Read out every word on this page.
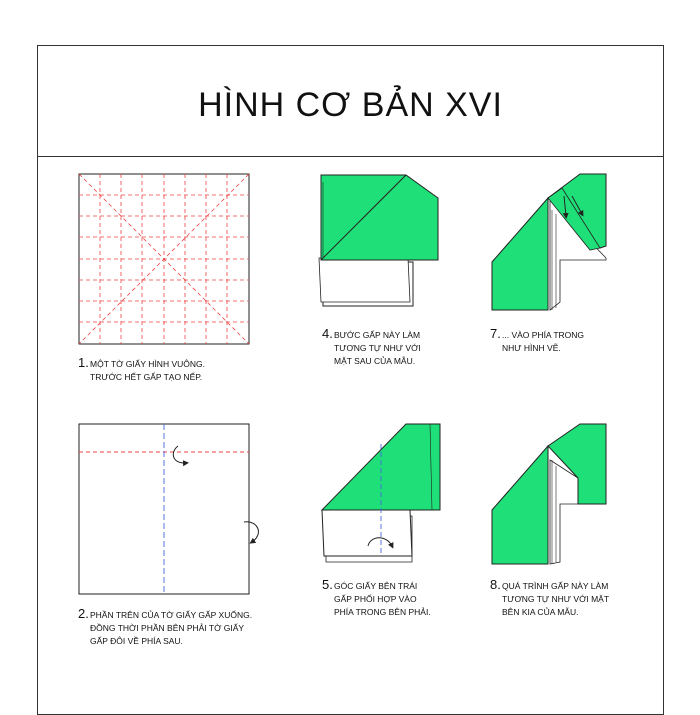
HÌNH CƠ BẢN XVI
1. MỘT TỜ GIẤY HÌNH VUÔNG.
TRƯỚC HẾT GẤP TẠO NẾP.
2. PHẦN TRÊN CỦA TỜ GIẤY GẤP XUỐNG.
ĐỒNG THỜI PHẦN BÊN PHẢI TỜ GIẤY
GẤP ĐÔI VỀ PHÍA SAU.
4. BƯỚC GẤP NÀY LÀM
TƯƠNG TỰ NHƯ VỚI
MẶT SAU CỦA MẪU.
5. GÓC GIẤY BÊN TRÁI
GẤP PHỐI HỢP VÀO
PHÍA TRONG BÊN PHẢI.
7. ... VÀO PHÍA TRONG
NHƯ HÌNH VẼ.
8. QUÁ TRÌNH GẤP NÀY LÀM
TƯƠNG TỰ NHƯ VỚI MẶT
BÊN KIA CỦA MẪU.
